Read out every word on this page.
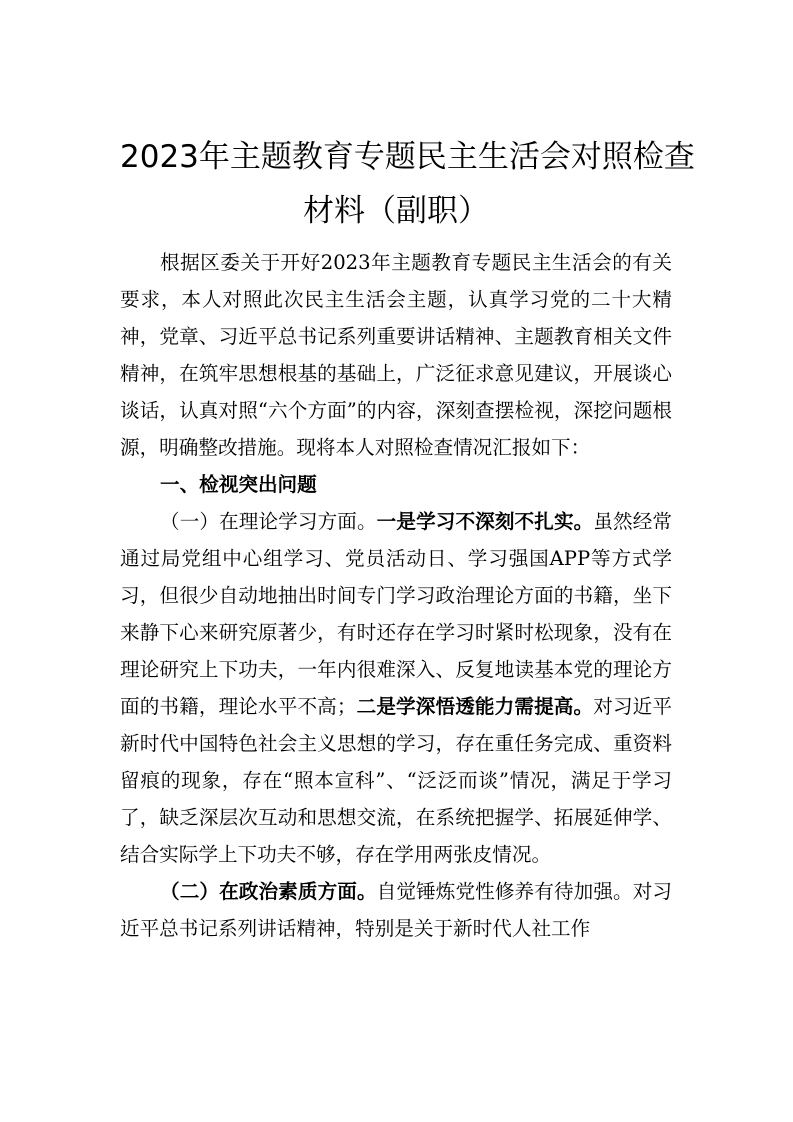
2023年主题教育专题民主生活会对照检查
材料（副职）

根据区委关于开好2023年主题教育专题民主生活会的有关要求，本人对照此次民主生活会主题，认真学习党的二十大精神，党章、习近平总书记系列重要讲话精神、主题教育相关文件精神，在筑牢思想根基的基础上，广泛征求意见建议，开展谈心谈话，认真对照“六个方面”的内容，深刻查摆检视，深挖问题根源，明确整改措施。现将本人对照检查情况汇报如下：

一、检视突出问题

（一）在理论学习方面。一是学习不深刻不扎实。虽然经常通过局党组中心组学习、党员活动日、学习强国APP等方式学习，但很少自动地抽出时间专门学习政治理论方面的书籍，坐下来静下心来研究原著少，有时还存在学习时紧时松现象，没有在理论研究上下功夫，一年内很难深入、反复地读基本党的理论方面的书籍，理论水平不高；二是学深悟透能力需提高。对习近平新时代中国特色社会主义思想的学习，存在重任务完成、重资料留痕的现象，存在“照本宣科”、“泛泛而谈”情况，满足于学习了，缺乏深层次互动和思想交流，在系统把握学、拓展延伸学、结合实际学上下功夫不够，存在学用两张皮情况。

（二）在政治素质方面。自觉锤炼党性修养有待加强。对习近平总书记系列讲话精神，特别是关于新时代人社工作
